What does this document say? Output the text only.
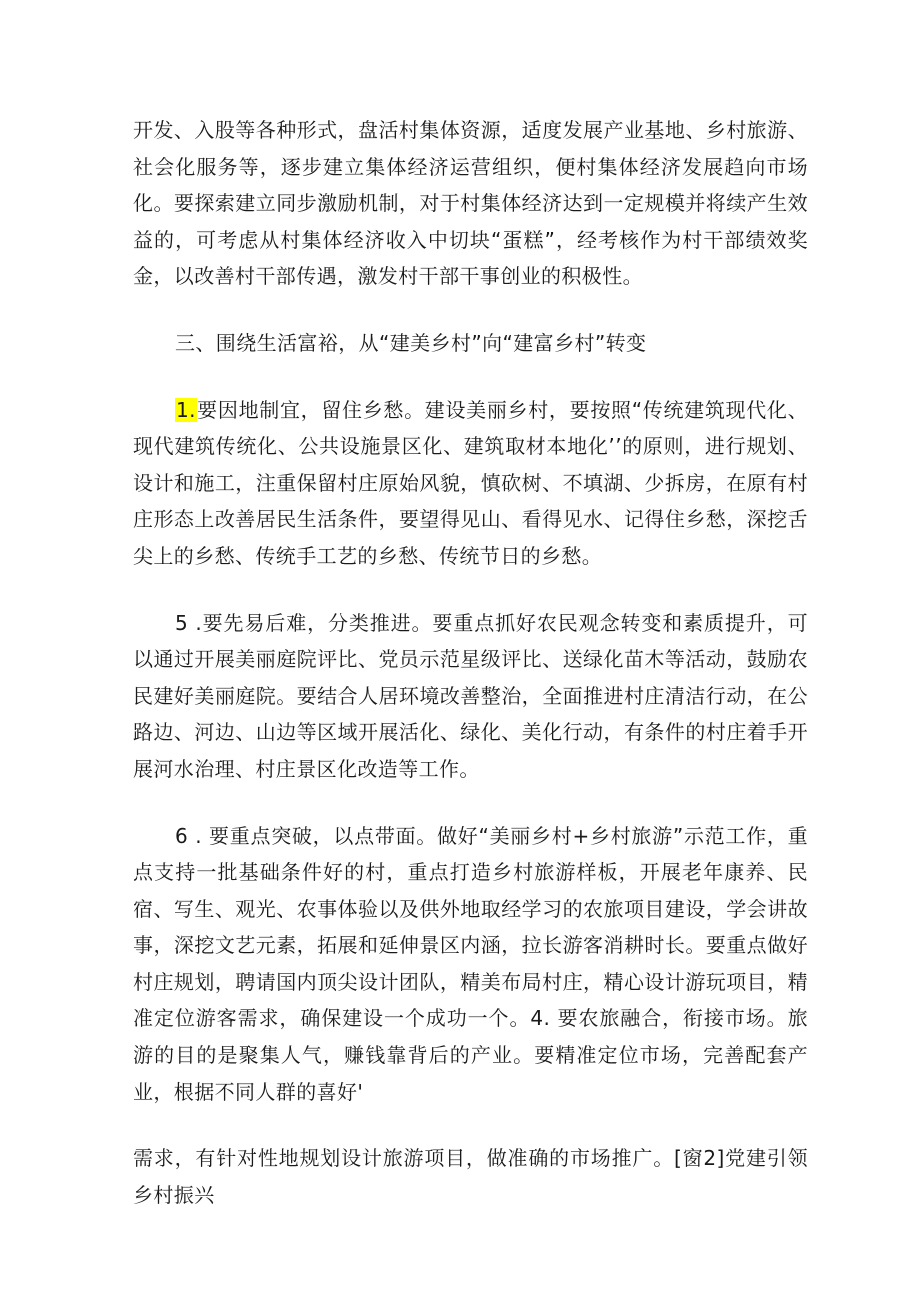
开发、入股等各种形式，盘活村集体资源，适度发展产业基地、乡村旅游、社会化服务等，逐步建立集体经济运营组织，便村集体经济发展趋向市场化。要探索建立同步激励机制，对于村集体经济达到一定规模并将续产生效益的，可考虑从村集体经济收入中切块“蛋糕”，经考核作为村干部绩效奖金，以改善村干部传遇，激发村干部干事创业的积极性。

三、围绕生活富裕，从“建美乡村”向“建富乡村”转变

1.要因地制宜，留住乡愁。建设美丽乡村，要按照“传统建筑现代化、现代建筑传统化、公共设施景区化、建筑取材本地化’’的原则，进行规划、设计和施工，注重保留村庄原始风貌，慎砍树、不填湖、少拆房，在原有村庄形态上改善居民生活条件，要望得见山、看得见水、记得住乡愁，深挖舌尖上的乡愁、传统手工艺的乡愁、传统节日的乡愁。

5 .要先易后难，分类推进。要重点抓好农民观念转变和素质提升，可以通过开展美丽庭院评比、党员示范星级评比、送绿化苗木等活动，鼓励农民建好美丽庭院。要结合人居环境改善整治，全面推进村庄清洁行动，在公路边、河边、山边等区域开展活化、绿化、美化行动，有条件的村庄着手开展河水治理、村庄景区化改造等工作。

6 . 要重点突破，以点带面。做好“美丽乡村+乡村旅游”示范工作，重点支持一批基础条件好的村，重点打造乡村旅游样板，开展老年康养、民宿、写生、观光、农事体验以及供外地取经学习的农旅项目建设，学会讲故事，深挖文艺元素，拓展和延伸景区内涵，拉长游客消耕时长。要重点做好村庄规划，聘请国内顶尖设计团队，精美布局村庄，精心设计游玩项目，精准定位游客需求，确保建设一个成功一个。4. 要农旅融合，衔接市场。旅游的目的是聚集人气，赚钱靠背后的产业。要精准定位市场，完善配套产业，根据不同人群的喜好'

需求，有针对性地规划设计旅游项目，做准确的市场推广。[窗2]党建引领乡村振兴
